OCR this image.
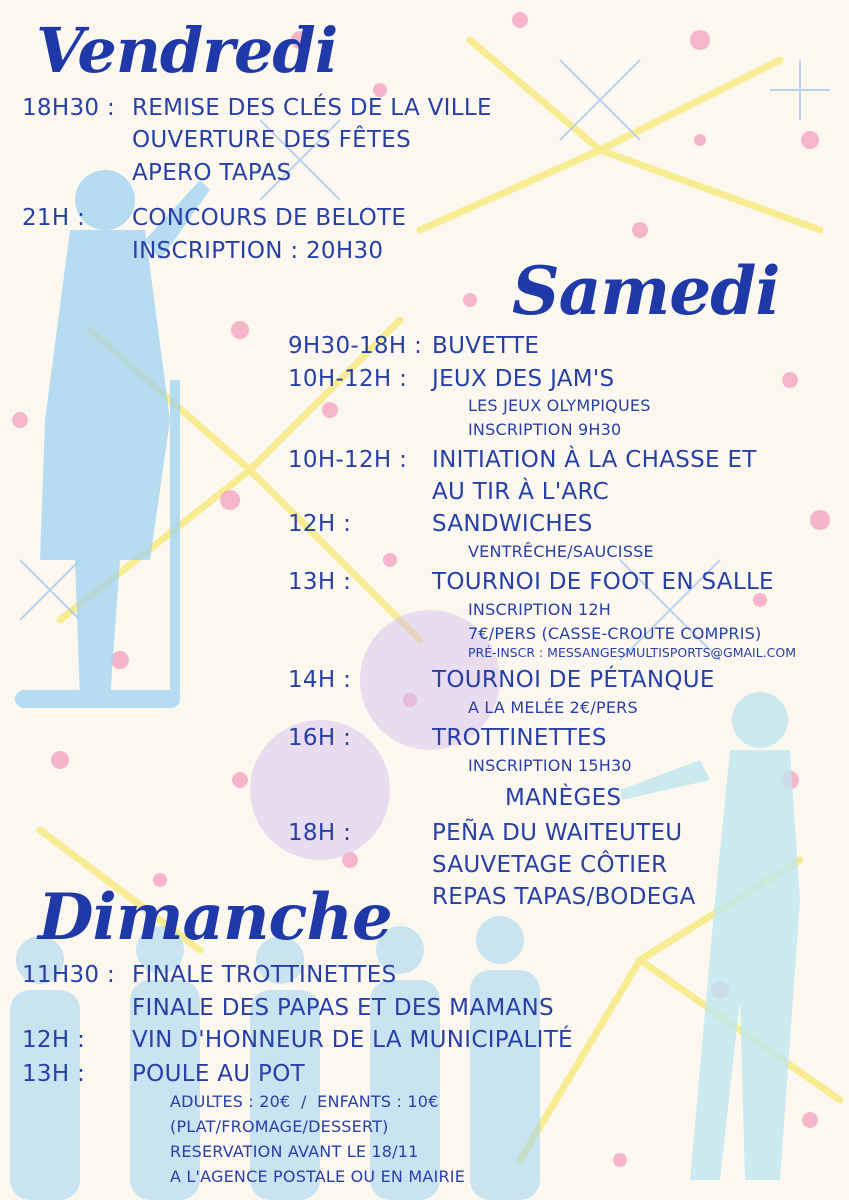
Vendredi
18H30 : REMISE DES CLÉS DE LA VILLE
OUVERTURE DES FÊTES
APERO TAPAS
21H : CONCOURS DE BELOTE
INSCRIPTION : 20H30
Samedi
9H30-18H : BUVETTE
10H-12H : JEUX DES JAM'S
LES JEUX OLYMPIQUES
INSCRIPTION 9H30
10H-12H : INITIATION À LA CHASSE ET
AU TIR À L'ARC
12H :	SANDWICHES
VENTRÊCHE/SAUCISSE
13H :	TOURNOI DE FOOT EN SALLE
INSCRIPTION 12H
7€/PERS (CASSE-CROUTE COMPRIS)
PRÉ-INSCR : MESSANGESMULTISPORTS@GMAIL.COM
14H :	TOURNOI DE PÉTANQUE
A LA MELÉE 2€/PERS
16H :	TROTTINETTES
INSCRIPTION 15H30
MANÈGES
18H :	PEÑA DU WAITEUTEU
SAUVETAGE CÔTIER
REPAS TAPAS/BODEGA
Dimanche
11H30 : FINALE TROTTINETTES
FINALE DES PAPAS ET DES MAMANS
12H : VIN D'HONNEUR DE LA MUNICIPALITÉ
13H : POULE AU POT
ADULTES : 20€  /  ENFANTS : 10€
(PLAT/FROMAGE/DESSERT)
RESERVATION AVANT LE 18/11
A L'AGENCE POSTALE OU EN MAIRIE
